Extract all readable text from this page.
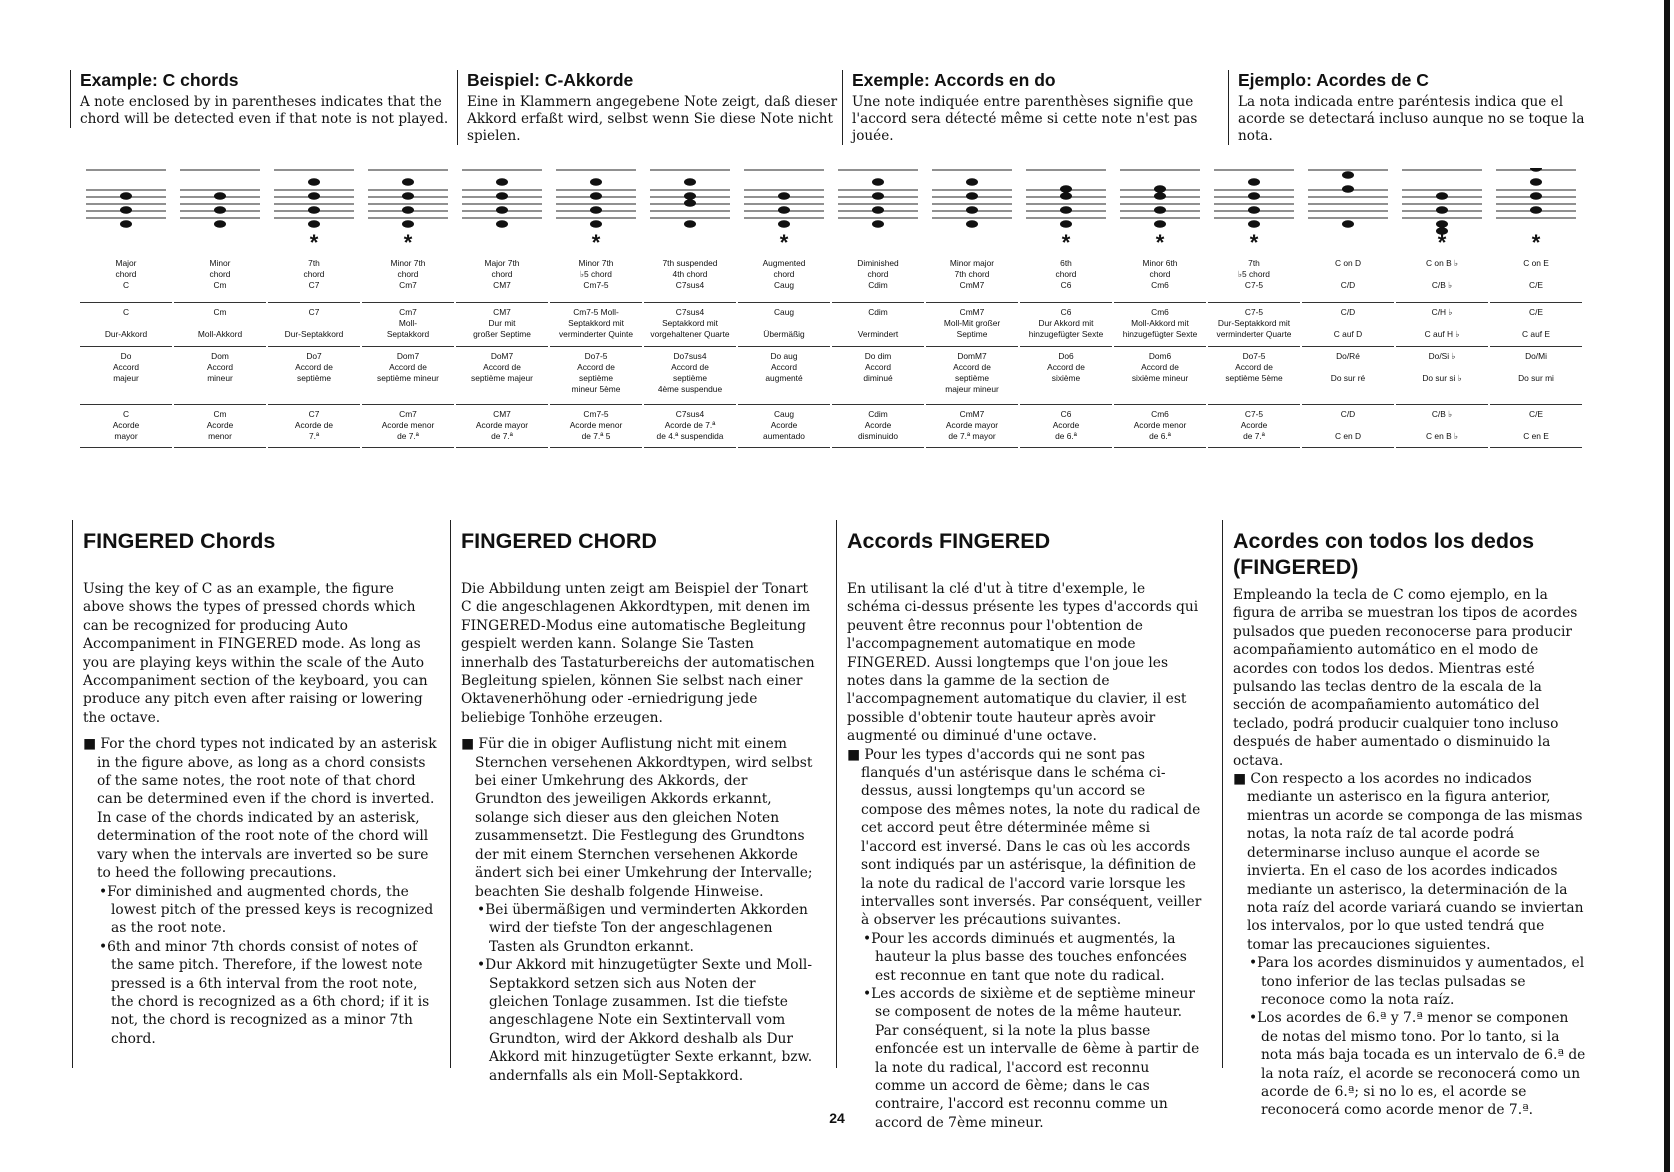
Example: C chords

A note enclosed by in parentheses indicates that the chord will be detected even if that note is not played.

Beispiel: C-Akkorde

Eine in Klammern angegebene Note zeigt, daß dieser Akkord erfaßt wird, selbst wenn Sie diese Note nicht spielen.

Exemple: Accords en do

Une note indiquée entre parenthèses signifie que l'accord sera détecté même si cette note n'est pas jouée.

Ejemplo: Acordes de C

La nota indicada entre paréntesis indica que el acorde se detectará incluso aunque no se toque la nota.

Major
chord
C
C

Dur-Akkord
Do
Accord
majeur
C
Acorde
mayor
Minor
chord
Cm
Cm

Moll-Akkord
Dom
Accord
mineur
Cm
Acorde
menor
*
7th
chord
C7
C7

Dur-Septakkord
Do7
Accord de
septième
C7
Acorde de
7.ª
*
Minor 7th
chord
Cm7
Cm7
Moll-
Septakkord
Dom7
Accord de
septième mineur
Cm7
Acorde menor
de 7.ª
Major 7th
chord
CM7
CM7
Dur mit
großer Septime
DoM7
Accord de
septième majeur
CM7
Acorde mayor
de 7.ª
*
Minor 7th
♭5 chord
Cm7-5
Cm7-5 Moll-
Septakkord mit
verminderter Quinte
Do7-5
Accord de
septième
mineur 5ème
Cm7-5
Acorde menor
de 7.ª 5
7th suspended
4th chord
C7sus4
C7sus4
Septakkord mit
vorgehaltener Quarte
Do7sus4
Accord de
septième
4ème suspendue
C7sus4
Acorde de 7.ª
de 4.ª suspendida
*
Augmented
chord
Caug
Caug

Übermäßig
Do aug
Accord
augmenté
Caug
Acorde
aumentado
Diminished
chord
Cdim
Cdim

Vermindert
Do dim
Accord
diminué
Cdim
Acorde
disminuido
Minor major
7th chord
CmM7
CmM7
Moll-Mit großer
Septime
DomM7
Accord de
septième
majeur mineur
CmM7
Acorde mayor
de 7.ª mayor
*
6th
chord
C6
C6
Dur Akkord mit
hinzugefügter Sexte
Do6
Accord de
sixième
C6
Acorde
de 6.ª
*
Minor 6th
chord
Cm6
Cm6
Moll-Akkord mit
hinzugefügter Sexte
Dom6
Accord de
sixième mineur
Cm6
Acorde menor
de 6.ª
*
7th
♭5 chord
C7-5
C7-5
Dur-Septakkord mit
verminderter Quarte
Do7-5
Accord de
septième 5ème
C7-5
Acorde
de 7.ª
C on D

C/D
C/D

C auf D
Do/Ré

Do sur ré
C/D

C en D
*
C on B ♭

C/B ♭
C/H ♭

C auf H ♭
Do/Si ♭

Do sur si ♭
C/B ♭

C en B ♭
*
C on E

C/E
C/E

C auf E
Do/Mi

Do sur mi
C/E

C en E
FINGERED Chords

Using the key of C as an example, the figure above shows the types of pressed chords which can be recognized for producing Auto Accompaniment in FINGERED mode. As long as you are playing keys within the scale of the Auto Accompaniment section of the keyboard, you can produce any pitch even after raising or lowering the octave.

■ For the chord types not indicated by an asterisk in the figure above, as long as a chord consists of the same notes, the root note of that chord can be determined even if the chord is inverted. In case of the chords indicated by an asterisk, determination of the root note of the chord will vary when the intervals are inverted so be sure to heed the following precautions.

•For diminished and augmented chords, the lowest pitch of the pressed keys is recognized as the root note.

•6th and minor 7th chords consist of notes of the same pitch. Therefore, if the lowest note pressed is a 6th interval from the root note, the chord is recognized as a 6th chord; if it is not, the chord is recognized as a minor 7th chord.

FINGERED CHORD

Die Abbildung unten zeigt am Beispiel der Tonart C die angeschlagenen Akkordtypen, mit denen im FINGERED-Modus eine automatische Begleitung gespielt werden kann. Solange Sie Tasten innerhalb des Tastaturbereichs der automatischen Begleitung spielen, können Sie selbst nach einer Oktavenerhöhung oder -erniedrigung jede beliebige Tonhöhe erzeugen.

■ Für die in obiger Auflistung nicht mit einem Sternchen versehenen Akkordtypen, wird selbst bei einer Umkehrung des Akkords, der Grundton des jeweiligen Akkords erkannt, solange sich dieser aus den gleichen Noten zusammensetzt. Die Festlegung des Grundtons der mit einem Sternchen versehenen Akkorde ändert sich bei einer Umkehrung der Intervalle; beachten Sie deshalb folgende Hinweise.

•Bei übermäßigen und verminderten Akkorden wird der tiefste Ton der angeschlagenen Tasten als Grundton erkannt.

•Dur Akkord mit hinzugetügter Sexte und Moll-Septakkord setzen sich aus Noten der gleichen Tonlage zusammen. Ist die tiefste angeschlagene Note ein Sextintervall vom Grundton, wird der Akkord deshalb als Dur Akkord mit hinzugetügter Sexte erkannt, bzw. andernfalls als ein Moll-Septakkord.

Accords FINGERED

En utilisant la clé d'ut à titre d'exemple, le schéma ci-dessus présente les types d'accords qui peuvent être reconnus pour l'obtention de l'accompagnement automatique en mode FINGERED. Aussi longtemps que l'on joue les notes dans la gamme de la section de l'accompagnement automatique du clavier, il est possible d'obtenir toute hauteur après avoir augmenté ou diminué d'une octave.

■ Pour les types d'accords qui ne sont pas flanqués d'un astérisque dans le schéma ci-dessus, aussi longtemps qu'un accord se compose des mêmes notes, la note du radical de cet accord peut être déterminée même si l'accord est inversé. Dans le cas où les accords sont indiqués par un astérisque, la définition de la note du radical de l'accord varie lorsque les intervalles sont inversés. Par conséquent, veiller à observer les précautions suivantes.

•Pour les accords diminués et augmentés, la hauteur la plus basse des touches enfoncées est reconnue en tant que note du radical.

•Les accords de sixième et de septième mineur se composent de notes de la même hauteur. Par conséquent, si la note la plus basse enfoncée est un intervalle de 6ème à partir de la note du radical, l'accord est reconnu comme un accord de 6ème; dans le cas contraire, l'accord est reconnu comme un accord de 7ème mineur.

Acordes con todos los dedos (FINGERED)

Empleando la tecla de C como ejemplo, en la figura de arriba se muestran los tipos de acordes pulsados que pueden reconocerse para producir acompañamiento automático en el modo de acordes con todos los dedos. Mientras esté pulsando las teclas dentro de la escala de la sección de acompañamiento automático del teclado, podrá producir cualquier tono incluso después de haber aumentado o disminuido la octava.

■ Con respecto a los acordes no indicados mediante un asterisco en la figura anterior, mientras un acorde se componga de las mismas notas, la nota raíz de tal acorde podrá determinarse incluso aunque el acorde se invierta. En el caso de los acordes indicados mediante un asterisco, la determinación de la nota raíz del acorde variará cuando se inviertan los intervalos, por lo que usted tendrá que tomar las precauciones siguientes.

•Para los acordes disminuidos y aumentados, el tono inferior de las teclas pulsadas se reconoce como la nota raíz.

•Los acordes de 6.ª y 7.ª menor se componen de notas del mismo tono. Por lo tanto, si la nota más baja tocada es un intervalo de 6.ª de la nota raíz, el acorde se reconocerá como un acorde de 6.ª; si no lo es, el acorde se reconocerá como acorde menor de 7.ª.

24
